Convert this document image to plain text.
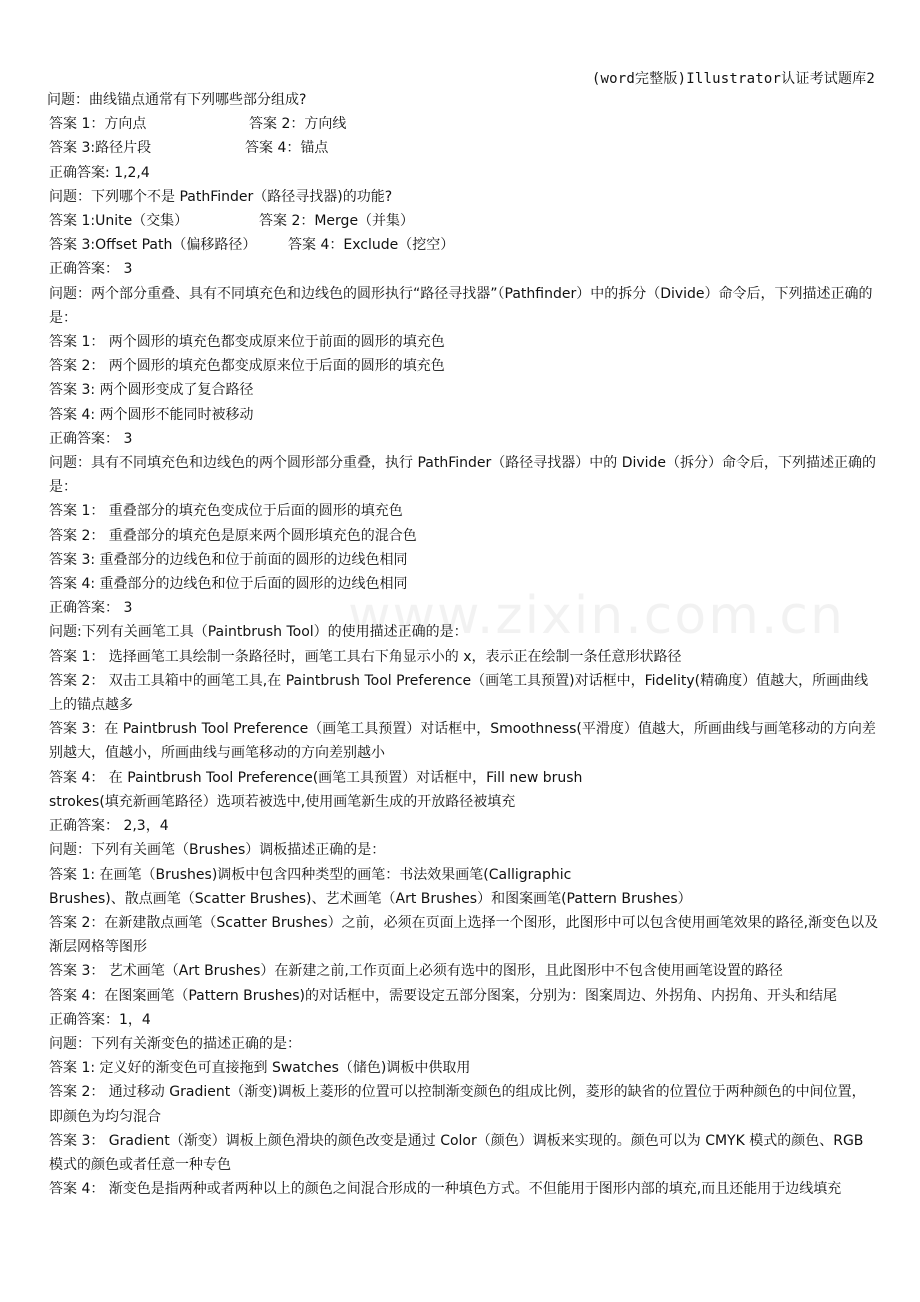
(word完整版)Illustrator认证考试题库2
www.zixin.com.cn
问题：曲线锚点通常有下列哪些部分组成?
答案 1：方向点	答案 2：方向线
答案 3:路径片段	答案 4：锚点
正确答案: 1,2,4
问题：下列哪个不是 PathFinder（路径寻找器)的功能?
答案 1:Unite（交集）	答案 2：Merge（并集）
答案 3:Offset Path（偏移路径）	答案 4：Exclude（挖空）
正确答案： 3
问题：两个部分重叠、具有不同填充色和边线色的圆形执行“路径寻找器”（Pathfinder）中的拆分（Divide）命令后，下列描述正确的是：
答案 1： 两个圆形的填充色都变成原来位于前面的圆形的填充色
答案 2： 两个圆形的填充色都变成原来位于后面的圆形的填充色
答案 3: 两个圆形变成了复合路径
答案 4: 两个圆形不能同时被移动
正确答案： 3
问题：具有不同填充色和边线色的两个圆形部分重叠，执行 PathFinder（路径寻找器）中的 Divide（拆分）命令后，下列描述正确的是：
答案 1： 重叠部分的填充色变成位于后面的圆形的填充色
答案 2： 重叠部分的填充色是原来两个圆形填充色的混合色
答案 3: 重叠部分的边线色和位于前面的圆形的边线色相同
答案 4: 重叠部分的边线色和位于后面的圆形的边线色相同
正确答案： 3
问题:下列有关画笔工具（Paintbrush Tool）的使用描述正确的是：
答案 1： 选择画笔工具绘制一条路径时，画笔工具右下角显示小的 x，表示正在绘制一条任意形状路径
答案 2： 双击工具箱中的画笔工具,在 Paintbrush Tool Preference（画笔工具预置)对话框中，Fidelity(精确度）值越大，所画曲线上的锚点越多
答案 3：在 Paintbrush Tool Preference（画笔工具预置）对话框中，Smoothness(平滑度）值越大，所画曲线与画笔移动的方向差别越大，值越小，所画曲线与画笔移动的方向差别越小
答案 4： 在 Paintbrush Tool Preference(画笔工具预置）对话框中，Fill new brush
strokes(填充新画笔路径）选项若被选中,使用画笔新生成的开放路径被填充
正确答案： 2,3，4
问题：下列有关画笔（Brushes）调板描述正确的是：
答案 1: 在画笔（Brushes)调板中包含四种类型的画笔：书法效果画笔(Calligraphic
Brushes)、散点画笔（Scatter Brushes)、艺术画笔（Art Brushes）和图案画笔(Pattern Brushes）
答案 2：在新建散点画笔（Scatter Brushes）之前，必须在页面上选择一个图形，此图形中可以包含使用画笔效果的路径,渐变色以及渐层网格等图形
答案 3： 艺术画笔（Art Brushes）在新建之前,工作页面上必须有选中的图形，且此图形中不包含使用画笔设置的路径
答案 4：在图案画笔（Pattern Brushes)的对话框中，需要设定五部分图案，分别为：图案周边、外拐角、内拐角、开头和结尾
正确答案：1，4
问题：下列有关渐变色的描述正确的是：
答案 1: 定义好的渐变色可直接拖到 Swatches（储色)调板中供取用
答案 2： 通过移动 Gradient（渐变)调板上菱形的位置可以控制渐变颜色的组成比例，菱形的缺省的位置位于两种颜色的中间位置，即颜色为均匀混合
答案 3： Gradient（渐变）调板上颜色滑块的颜色改变是通过 Color（颜色）调板来实现的。颜色可以为 CMYK 模式的颜色、RGB 模式的颜色或者任意一种专色
答案 4： 渐变色是指两种或者两种以上的颜色之间混合形成的一种填色方式。不但能用于图形内部的填充,而且还能用于边线填充
